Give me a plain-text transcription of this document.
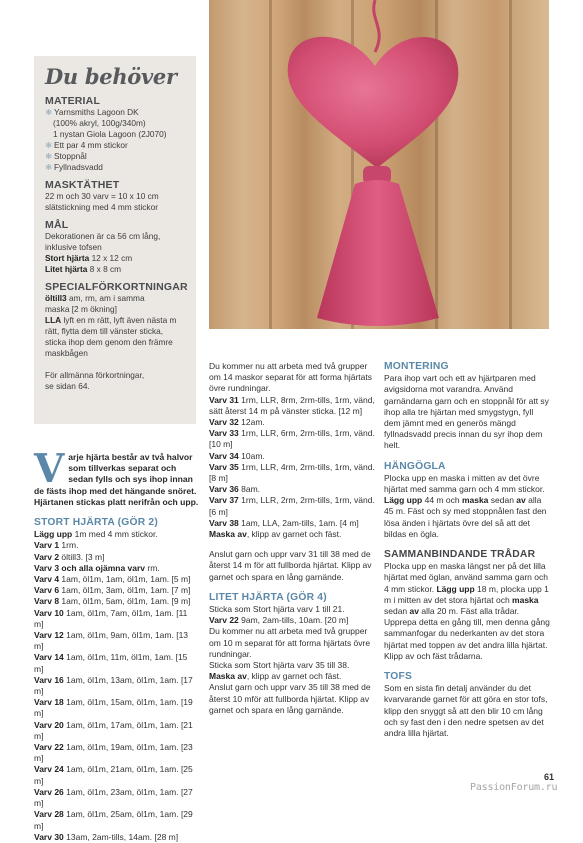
Du behöver
MATERIAL
❄ Yarnsmiths Lagoon DK
(100% akryl, 100g/340m)
1 nystan Giola Lagoon (2J070)
❄ Ett par 4 mm stickor
❄ Stoppnål
❄ Fyllnadsvadd
MASKTÄTHET
22 m och 30 varv = 10 x 10 cm
slätstickning med 4 mm stickor
MÅL
Dekorationen är ca 56 cm lång,
inklusive tofsen
Stort hjärta 12 x 12 cm
Litet hjärta 8 x 8 cm
SPECIALFÖRKORTNINGAR
öltill3 am, rm, am i samma
maska [2 m ökning]
LLA lyft en m rätt, lyft även nästa m
rätt, flytta dem till vänster sticka,
sticka ihop dem genom den främre
maskbågen
För allmänna förkortningar,
se sidan 64.
Varje hjärta består av två halvor som tillverkas separat och sedan fylls och sys ihop innan de fästs ihop med det hängande snöret. Hjärtanen stickas platt nerifrån och upp.
STORT HJÄRTA (GÖR 2)
Lägg upp 1m med 4 mm stickor.
Varv 1 1rm.
Varv 2 öltill3. [3 m]
Varv 3 och alla ojämna varv rm.
Varv 4 1am, öl1m, 1am, öl1m, 1am. [5 m]
Varv 6 1am, öl1m, 3am, öl1m, 1am. [7 m]
Varv 8 1am, öl1m, 5am, öl1m, 1am. [9 m]
Varv 10 1am, öl1m, 7am, öl1m, 1am. [11 m]
Varv 12 1am, öl1m, 9am, öl1m, 1am. [13 m]
Varv 14 1am, öl1m, 11m, öl1m, 1am. [15 m]
Varv 16 1am, öl1m, 13am, öl1m, 1am. [17 m]
Varv 18 1am, öl1m, 15am, öl1m, 1am. [19 m]
Varv 20 1am, öl1m, 17am, öl1m, 1am. [21 m]
Varv 22 1am, öl1m, 19am, öl1m, 1am. [23 m]
Varv 24 1am, öl1m, 21am, öl1m, 1am. [25 m]
Varv 26 1am, öl1m, 23am, öl1m, 1am. [27 m]
Varv 28 1am, öl1m, 25am, öl1m, 1am. [29
m]
Varv 30 13am, 2am-tills, 14am. [28 m]
Du kommer nu att arbeta med två grupper om 14 maskor separat för att forma hjärtats övre rundningar.
Varv 31 1rm, LLR, 8rm, 2rm-tills, 1rm, vänd, sätt återst 14 m på vänster sticka. [12 m]
Varv 32 12am.
Varv 33 1rm, LLR, 6rm, 2rm-tills, 1rm, vänd. [10 m]
Varv 34 10am.
Varv 35 1rm, LLR, 4rm, 2rm-tills, 1rm, vänd. [8 m]
Varv 36 8am.
Varv 37 1rm, LLR, 2rm, 2rm-tills, 1rm, vänd. [6 m]
Varv 38 1am, LLA, 2am-tills, 1am. [4 m]
Maska av, klipp av garnet och fäst.
Anslut garn och uppr varv 31 till 38 med de återst 14 m för att fullborda hjärtat. Klipp av garnet och spara en lång garnände.
LITET HJÄRTA (GÖR 4)
Sticka som Stort hjärta varv 1 till 21.
Varv 22 9am, 2am-tills, 10am. [20 m]
Du kommer nu att arbeta med två grupper om 10 m separat för att forma hjärtats övre rundningar.
Sticka som Stort hjärta varv 35 till 38.
Maska av, klipp av garnet och fäst.
Anslut garn och uppr varv 35 till 38 med de återst 10 mför att fullborda hjärtat. Klipp av garnet och spara en lång garnände.
MONTERING
Para ihop vart och ett av hjärtparen med avigsidorna mot varandra. Använd garnändarna garn och en stoppnål för att sy ihop alla tre hjärtan med smygstygn, fyll dem jämnt med en generös mängd fyllnadsvadd precis innan du syr ihop dem helt.
HÄNGÖGLA
Plocka upp en maska i mitten av det övre hjärtat med samma garn och 4 mm stickor. Lägg upp 44 m och maska sedan av alla 45 m. Fäst och sy med stoppnålen fast den lösa änden i hjärtats övre del så att det bildas en ögla.
SAMMANBINDANDE TRÅDAR
Plocka upp en maska längst ner på det lilla hjärtat med öglan, använd samma garn och 4 mm stickor. Lägg upp 18 m, plocka upp 1 m i mitten av det stora hjärtat och maska sedan av alla 20 m. Fäst alla trådar.
Upprepa detta en gång till, men denna gång sammanfogar du nederkanten av det stora hjärtat med toppen av det andra lilla hjärtat. Klipp av och fäst trådarna.
TOFS
Som en sista fin detalj använder du det kvarvarande garnet för att göra en stor tofs, klipp den snyggt så att den blir 10 cm lång och sy fast den i den nedre spetsen av det andra lilla hjärtat.
61
PassionForum.ru
